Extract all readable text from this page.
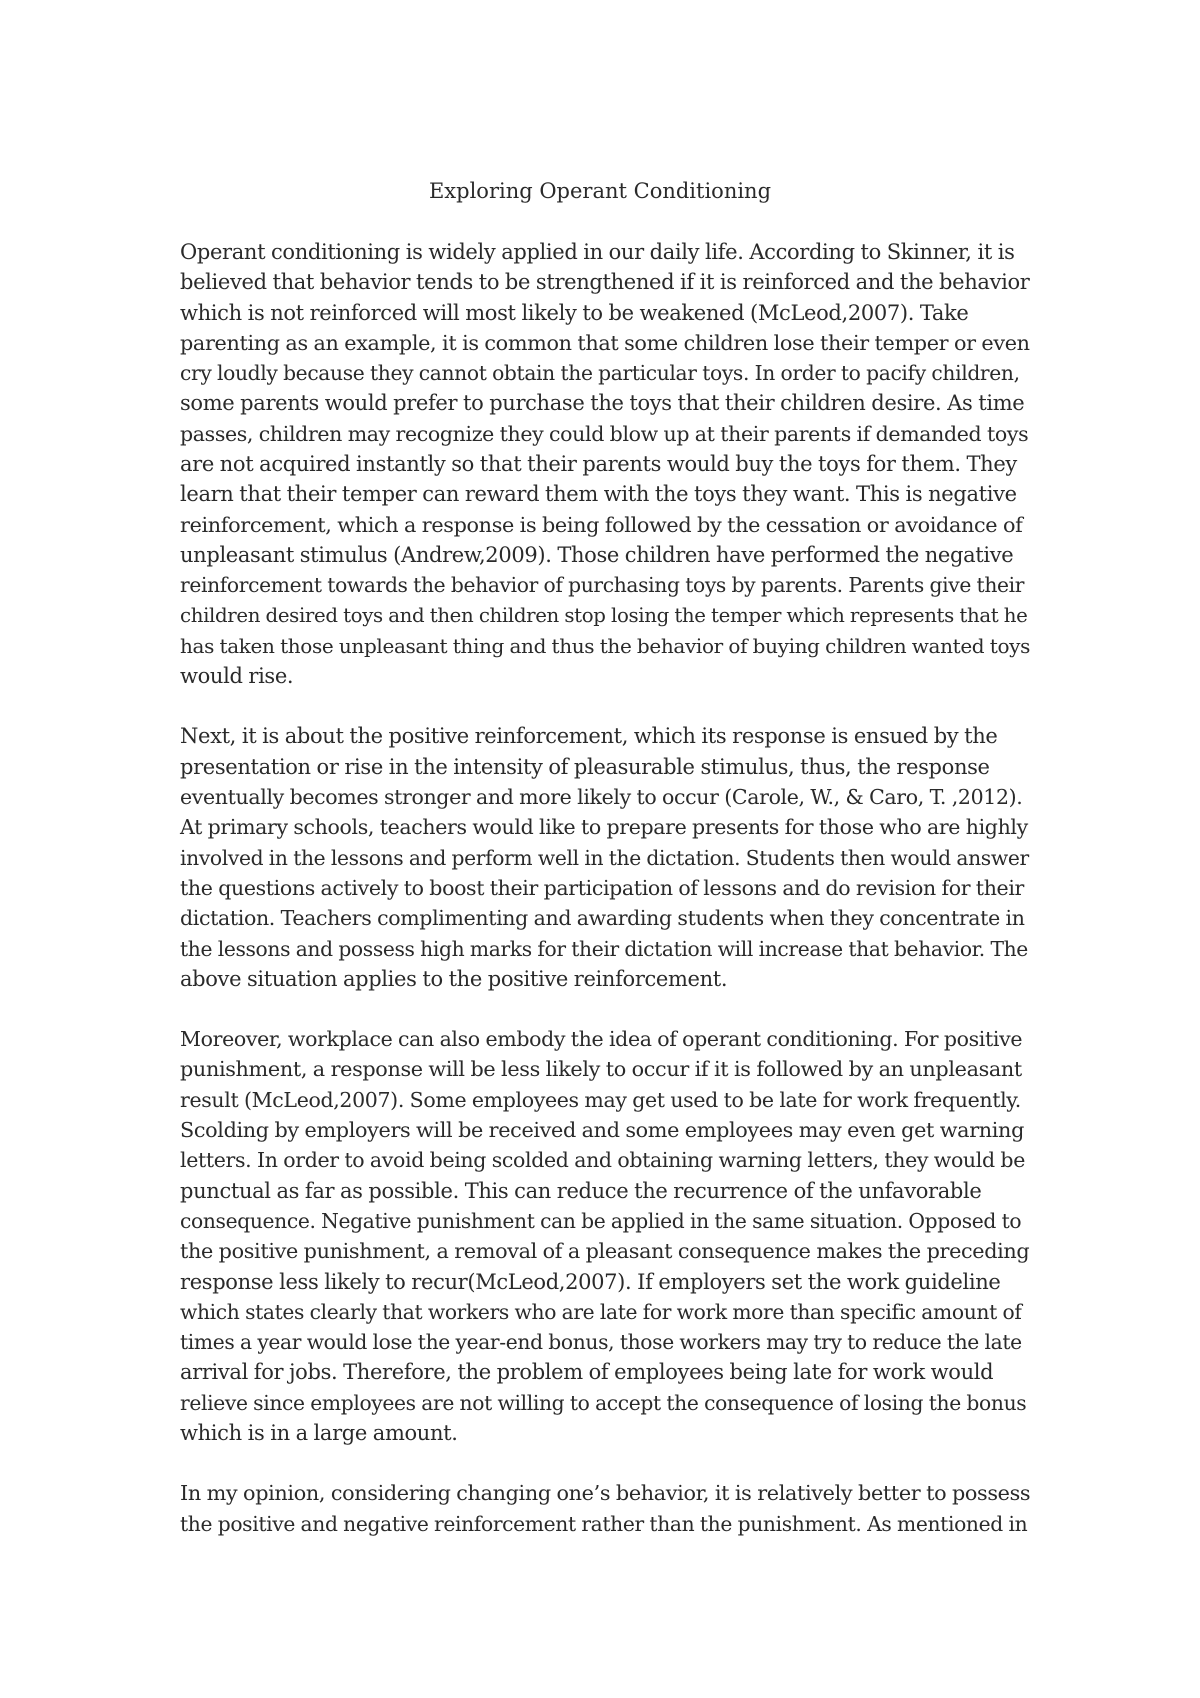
Exploring Operant Conditioning
Operant conditioning is widely applied in our daily life. According to Skinner, it is
believed that behavior tends to be strengthened if it is reinforced and the behavior
which is not reinforced will most likely to be weakened (McLeod,2007). Take
parenting as an example, it is common that some children lose their temper or even
cry loudly because they cannot obtain the particular toys. In order to pacify children,
some parents would prefer to purchase the toys that their children desire. As time
passes, children may recognize they could blow up at their parents if demanded toys
are not acquired instantly so that their parents would buy the toys for them. They
learn that their temper can reward them with the toys they want. This is negative
reinforcement, which a response is being followed by the cessation or avoidance of
unpleasant stimulus (Andrew,2009). Those children have performed the negative
reinforcement towards the behavior of purchasing toys by parents. Parents give their
children desired toys and then children stop losing the temper which represents that he
has taken those unpleasant thing and thus the behavior of buying children wanted toys
would rise.
Next, it is about the positive reinforcement, which its response is ensued by the
presentation or rise in the intensity of pleasurable stimulus, thus, the response
eventually becomes stronger and more likely to occur (Carole, W., & Caro, T. ,2012).
At primary schools, teachers would like to prepare presents for those who are highly
involved in the lessons and perform well in the dictation. Students then would answer
the questions actively to boost their participation of lessons and do revision for their
dictation. Teachers complimenting and awarding students when they concentrate in
the lessons and possess high marks for their dictation will increase that behavior. The
above situation applies to the positive reinforcement.
Moreover, workplace can also embody the idea of operant conditioning. For positive
punishment, a response will be less likely to occur if it is followed by an unpleasant
result (McLeod,2007). Some employees may get used to be late for work frequently.
Scolding by employers will be received and some employees may even get warning
letters. In order to avoid being scolded and obtaining warning letters, they would be
punctual as far as possible. This can reduce the recurrence of the unfavorable
consequence. Negative punishment can be applied in the same situation. Opposed to
the positive punishment, a removal of a pleasant consequence makes the preceding
response less likely to recur(McLeod,2007). If employers set the work guideline
which states clearly that workers who are late for work more than specific amount of
times a year would lose the year-end bonus, those workers may try to reduce the late
arrival for jobs. Therefore, the problem of employees being late for work would
relieve since employees are not willing to accept the consequence of losing the bonus
which is in a large amount.
In my opinion, considering changing one’s behavior, it is relatively better to possess
the positive and negative reinforcement rather than the punishment. As mentioned in
